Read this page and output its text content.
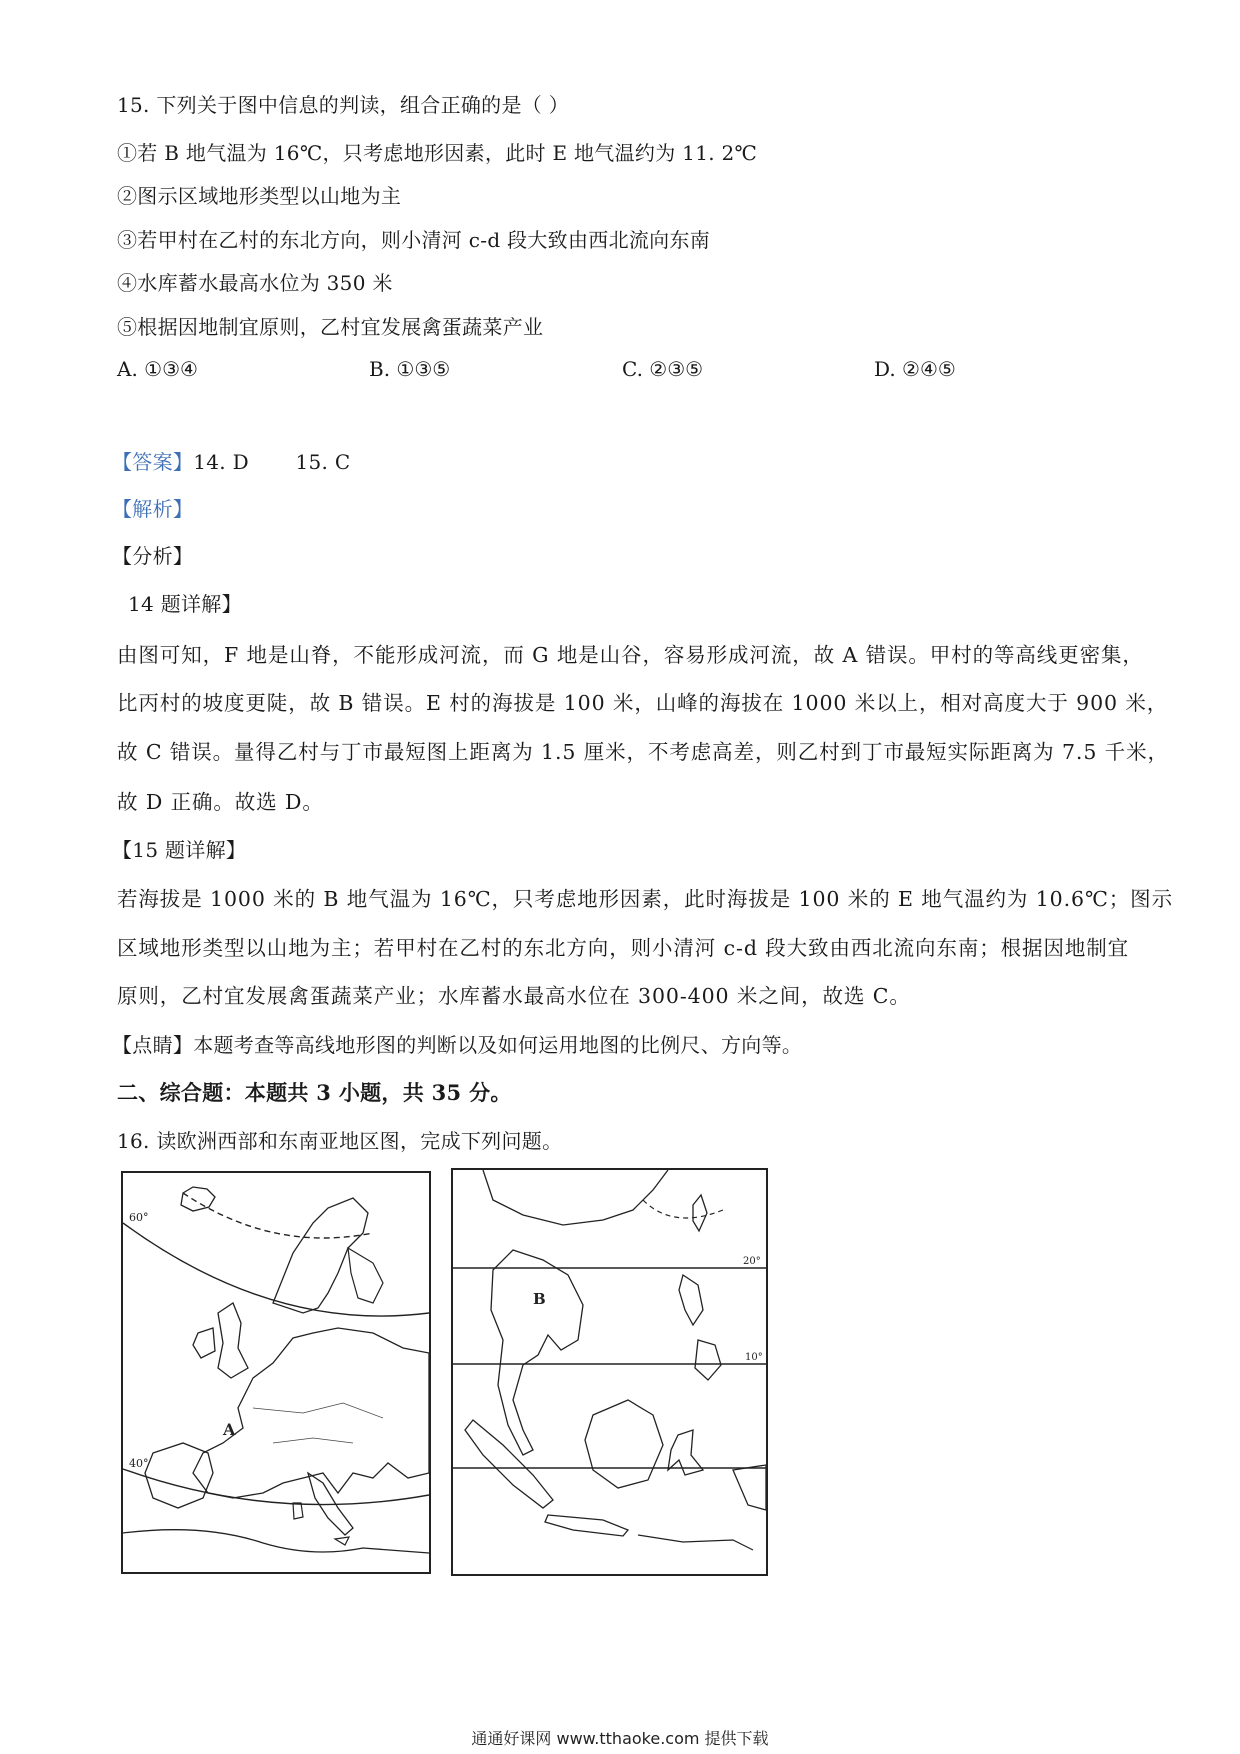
15. 下列关于图中信息的判读，组合正确的是（ ）
①若 B 地气温为 16℃，只考虑地形因素，此时 E 地气温约为 11. 2℃
②图示区域地形类型以山地为主
③若甲村在乙村的东北方向，则小清河 c-d 段大致由西北流向东南
④水库蓄水最高水位为 350 米
⑤根据因地制宜原则，乙村宜发展禽蛋蔬菜产业
A. ①③④	B. ①③⑤	C. ②③⑤	D. ②④⑤
【答案】14. D       15. C
【解析】
【分析】
14 题详解】
由图可知，F 地是山脊，不能形成河流，而 G 地是山谷，容易形成河流，故 A 错误。甲村的等高线更密集，
比丙村的坡度更陡，故 B 错误。E 村的海拔是 100 米，山峰的海拔在 1000 米以上，相对高度大于 900 米，
故 C 错误。量得乙村与丁市最短图上距离为 1.5 厘米，不考虑高差，则乙村到丁市最短实际距离为 7.5 千米，
故 D 正确。故选 D。
【15 题详解】
若海拔是 1000 米的 B 地气温为 16℃，只考虑地形因素，此时海拔是 100 米的 E 地气温约为 10.6℃；图示
区域地形类型以山地为主；若甲村在乙村的东北方向，则小清河 c-d 段大致由西北流向东南；根据因地制宜
原则，乙村宜发展禽蛋蔬菜产业；水库蓄水最高水位在 300-400 米之间，故选 C。
【点睛】本题考查等高线地形图的判断以及如何运用地图的比例尺、方向等。
二、综合题：本题共 3 小题，共 35 分。
16. 读欧洲西部和东南亚地区图，完成下列问题。
60°
40°
A
20°
10°
B
通通好课网 www.tthaoke.com 提供下载
